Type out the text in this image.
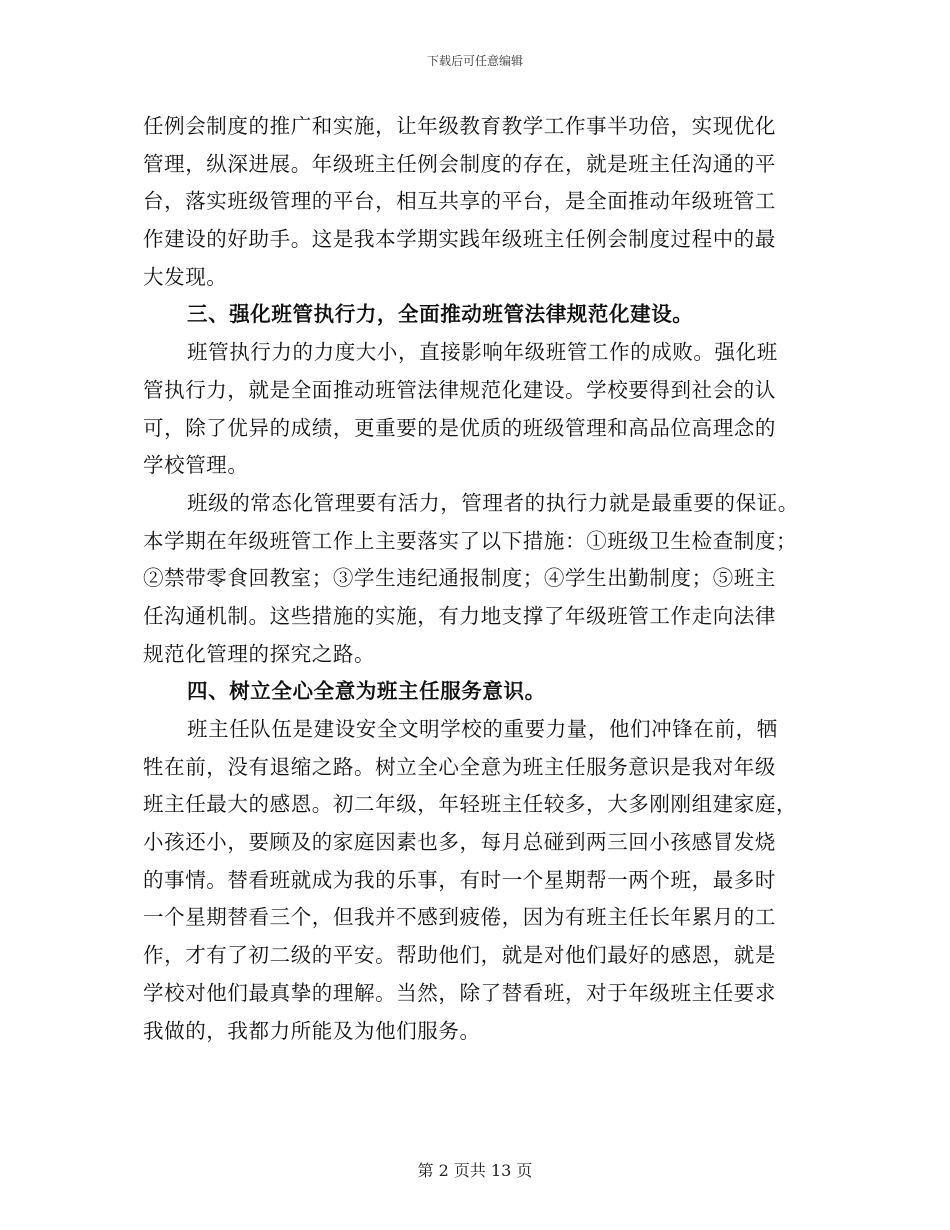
下载后可任意编辑
任例会制度的推广和实施，让年级教育教学工作事半功倍，实现优化
管理，纵深进展。年级班主任例会制度的存在，就是班主任沟通的平
台，落实班级管理的平台，相互共享的平台，是全面推动年级班管工
作建设的好助手。这是我本学期实践年级班主任例会制度过程中的最
大发现。
三、强化班管执行力，全面推动班管法律规范化建设。
班管执行力的力度大小，直接影响年级班管工作的成败。强化班
管执行力，就是全面推动班管法律规范化建设。学校要得到社会的认
可，除了优异的成绩，更重要的是优质的班级管理和高品位高理念的
学校管理。
班级的常态化管理要有活力，管理者的执行力就是最重要的保证。
本学期在年级班管工作上主要落实了以下措施：①班级卫生检查制度；
②禁带零食回教室；③学生违纪通报制度；④学生出勤制度；⑤班主
任沟通机制。这些措施的实施，有力地支撑了年级班管工作走向法律
规范化管理的探究之路。
四、树立全心全意为班主任服务意识。
班主任队伍是建设安全文明学校的重要力量，他们冲锋在前，牺
牲在前，没有退缩之路。树立全心全意为班主任服务意识是我对年级
班主任最大的感恩。初二年级，年轻班主任较多，大多刚刚组建家庭，
小孩还小，要顾及的家庭因素也多，每月总碰到两三回小孩感冒发烧
的事情。替看班就成为我的乐事，有时一个星期帮一两个班，最多时
一个星期替看三个，但我并不感到疲倦，因为有班主任长年累月的工
作，才有了初二级的平安。帮助他们，就是对他们最好的感恩，就是
学校对他们最真挚的理解。当然，除了替看班，对于年级班主任要求
我做的，我都力所能及为他们服务。
第 2 页共 13 页
